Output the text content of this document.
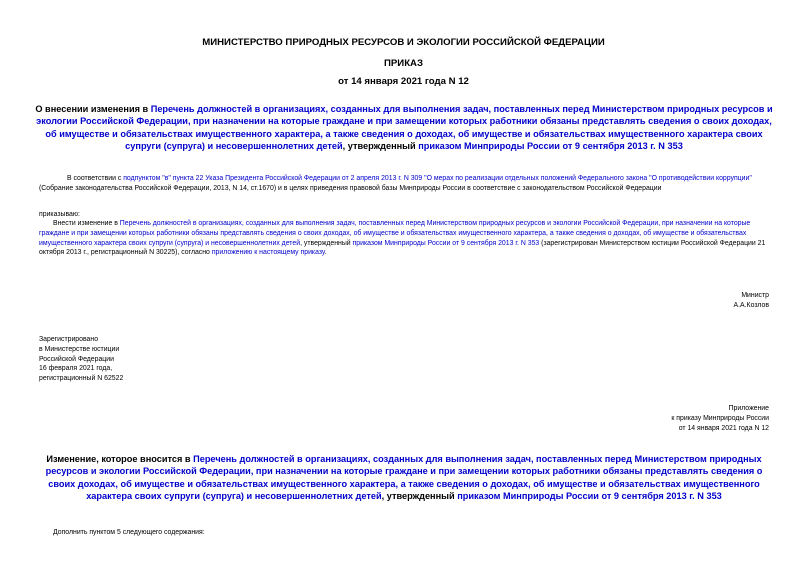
МИНИСТЕРСТВО ПРИРОДНЫХ РЕСУРСОВ И ЭКОЛОГИИ РОССИЙСКОЙ ФЕДЕРАЦИИ
ПРИКАЗ
от 14 января 2021 года N 12
О внесении изменения в Перечень должностей в организациях, созданных для выполнения задач, поставленных перед Министерством природных ресурсов и экологии Российской Федерации, при назначении на которые граждане и при замещении которых работники обязаны представлять сведения о своих доходах, об имуществе и обязательствах имущественного характера, а также сведения о доходах, об имуществе и обязательствах имущественного характера своих супруги (супруга) и несовершеннолетних детей, утвержденный приказом Минприроды России от 9 сентября 2013 г. N 353
В соответствии с подпунктом "в" пункта 22 Указа Президента Российской Федерации от 2 апреля 2013 г. N 309 "О мерах по реализации отдельных положений Федерального закона "О противодействии коррупции" (Собрание законодательства Российской Федерации, 2013, N 14, ст.1670) и в целях приведения правовой базы Минприроды России в соответствие с законодательством Российской Федерации
приказываю:
Внести изменение в Перечень должностей в организациях, созданных для выполнения задач, поставленных перед Министерством природных ресурсов и экологии Российской Федерации, при назначении на которые граждане и при замещении которых работники обязаны представлять сведения о своих доходах, об имуществе и обязательствах имущественного характера, а также сведения о доходах, об имуществе и обязательствах имущественного характера своих супруги (супруга) и несовершеннолетних детей, утвержденный приказом Минприроды России от 9 сентября 2013 г. N 353 (зарегистрирован Министерством юстиции Российской Федерации 21 октября 2013 г., регистрационный N 30225), согласно приложению к настоящему приказу.
Министр
А.А.Козлов
Зарегистрировано
в Министерстве юстиции
Российской Федерации
16 февраля 2021 года,
регистрационный N 62522
Приложение
к приказу Минприроды России
от 14 января 2021 года N 12
Изменение, которое вносится в Перечень должностей в организациях, созданных для выполнения задач, поставленных перед Министерством природных ресурсов и экологии Российской Федерации, при назначении на которые граждане и при замещении которых работники обязаны представлять сведения о своих доходах, об имуществе и обязательствах имущественного характера, а также сведения о доходах, об имуществе и обязательствах имущественного характера своих супруги (супруга) и несовершеннолетних детей, утвержденный приказом Минприроды России от 9 сентября 2013 г. N 353
Дополнить пунктом 5 следующего содержания:
